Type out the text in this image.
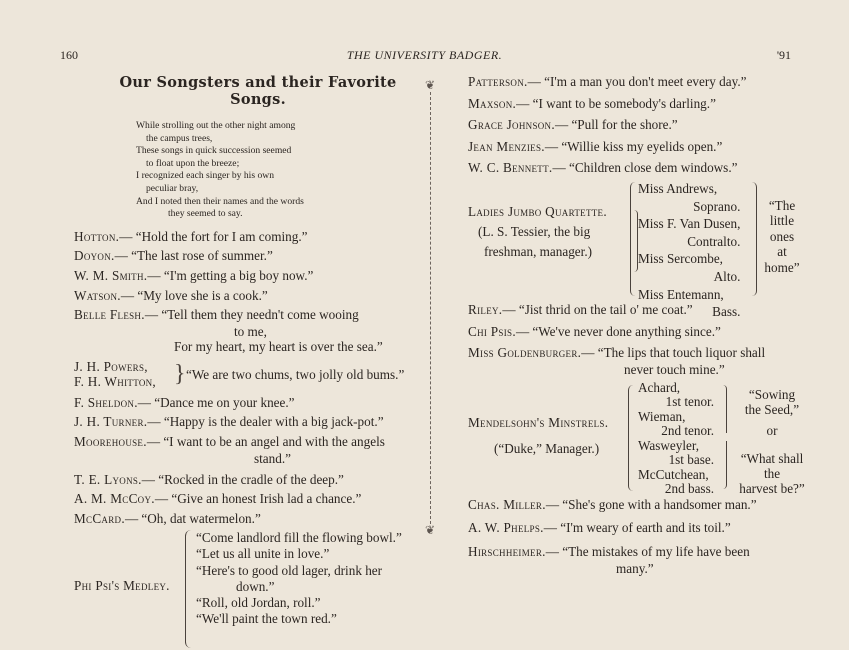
160	THE UNIVERSITY BADGER.	'91
Our Songsters and their Favorite Songs.
While strolling out the other night among
the campus trees,
These songs in quick succession seemed
to float upon the breeze;
I recognized each singer by his own
peculiar bray,
And I noted then their names and the words
they seemed to say.
Hotton.— “Hold the fort for I am coming.”
Doyon.— “The last rose of summer.”
W. M. Smith.— “I'm getting a big boy now.”
Watson.— “My love she is a cook.”
Belle Flesh.— “Tell them they needn't come wooing
to me,
For my heart, my heart is over the sea.”
J. H. Powers,
F. H. Whitton, } “We are two chums, two jolly old bums.”
F. Sheldon.— “Dance me on your knee.”
J. H. Turner.— “Happy is the dealer with a big jack-pot.”
Moorehouse.— “I want to be an angel and with the angels
stand.”
T. E. Lyons.— “Rocked in the cradle of the deep.”
A. M. McCoy.— “Give an honest Irish lad a chance.”
McCard.— “Oh, dat watermelon.”
Phi Psi's Medley.
“Come landlord fill the flowing bowl.”
“Let us all unite in love.”
“Here's to good old lager, drink her
down.”
“Roll, old Jordan, roll.”
“We'll paint the town red.”
❦
❦
Patterson.— “I'm a man you don't meet every day.”
Maxson.— “I want to be somebody's darling.”
Grace Johnson.— “Pull for the shore.”
Jean Menzies.— “Willie kiss my eyelids open.”
W. C. Bennett.— “Children close dem windows.”
Ladies Jumbo Quartette.
(L. S. Tessier, the big
freshman, manager.)
Miss Andrews,
Soprano.
Miss F. Van Dusen,
Contralto.
Miss Sercombe,
Alto.
Miss Entemann,
Bass.
“The
little
ones
at
home”
Riley.— “Jist thrid on the tail o' me coat.”
Chi Psis.— “We've never done anything since.”
Miss Goldenburger.— “The lips that touch liquor shall
never touch mine.”
Mendelsohn's Minstrels.
(“Duke,” Manager.)
Achard,
1st tenor.
Wieman,
2nd tenor.
Wasweyler,
1st base.
McCutchean,
2nd bass.
“Sowing
the Seed,”
or
“What shall
the
harvest be?”
Chas. Miller.— “She's gone with a handsomer man.”
A. W. Phelps.— “I'm weary of earth and its toil.”
Hirschheimer.— “The mistakes of my life have been
many.”
